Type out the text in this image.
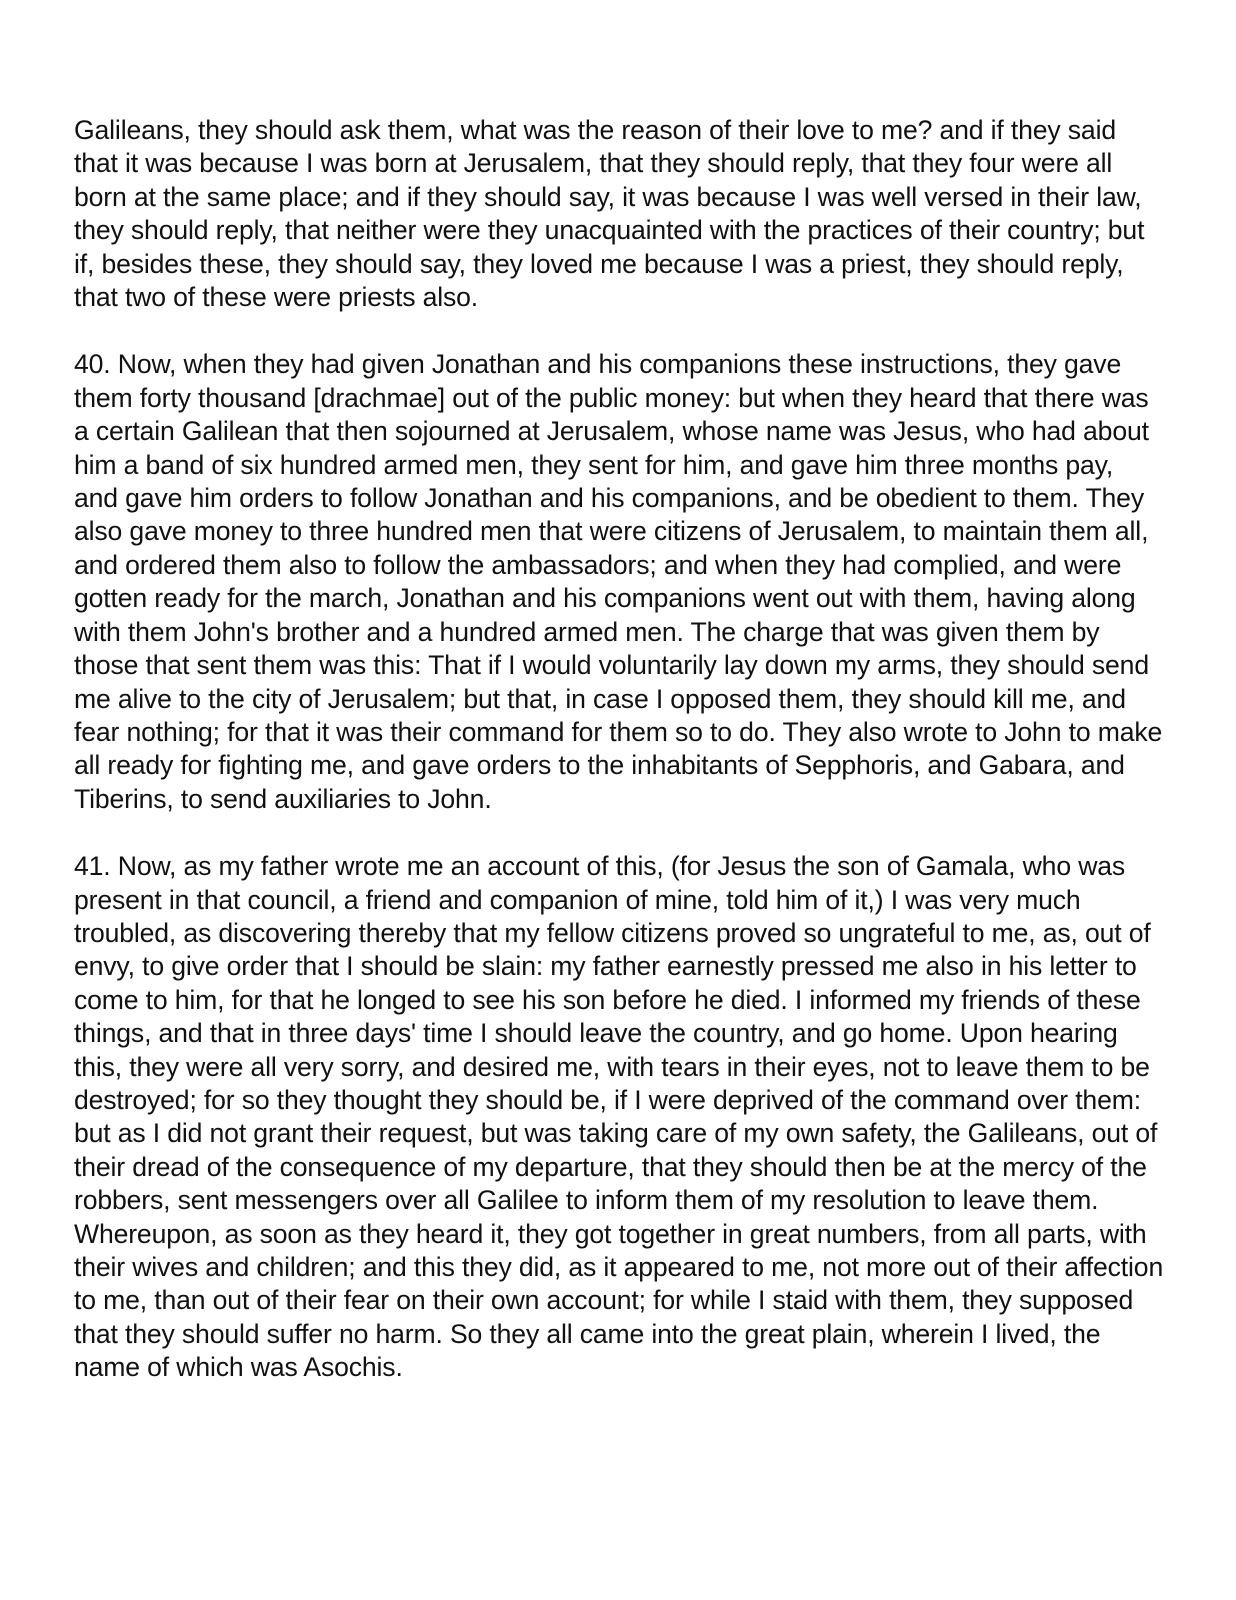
Galileans, they should ask them, what was the reason of their love to me? and if they said that it was because I was born at Jerusalem, that they should reply, that they four were all born at the same place; and if they should say, it was because I was well versed in their law, they should reply, that neither were they unacquainted with the practices of their country; but if, besides these, they should say, they loved me because I was a priest, they should reply, that two of these were priests also.

40. Now, when they had given Jonathan and his companions these instructions, they gave them forty thousand [drachmae] out of the public money: but when they heard that there was a certain Galilean that then sojourned at Jerusalem, whose name was Jesus, who had about him a band of six hundred armed men, they sent for him, and gave him three months pay, and gave him orders to follow Jonathan and his companions, and be obedient to them. They also gave money to three hundred men that were citizens of Jerusalem, to maintain them all, and ordered them also to follow the ambassadors; and when they had complied, and were gotten ready for the march, Jonathan and his companions went out with them, having along with them John's brother and a hundred armed men. The charge that was given them by those that sent them was this: That if I would voluntarily lay down my arms, they should send me alive to the city of Jerusalem; but that, in case I opposed them, they should kill me, and fear nothing; for that it was their command for them so to do. They also wrote to John to make all ready for fighting me, and gave orders to the inhabitants of Sepphoris, and Gabara, and Tiberins, to send auxiliaries to John.

41. Now, as my father wrote me an account of this, (for Jesus the son of Gamala, who was present in that council, a friend and companion of mine, told him of it,) I was very much troubled, as discovering thereby that my fellow citizens proved so ungrateful to me, as, out of envy, to give order that I should be slain: my father earnestly pressed me also in his letter to come to him, for that he longed to see his son before he died. I informed my friends of these things, and that in three days' time I should leave the country, and go home. Upon hearing this, they were all very sorry, and desired me, with tears in their eyes, not to leave them to be destroyed; for so they thought they should be, if I were deprived of the command over them: but as I did not grant their request, but was taking care of my own safety, the Galileans, out of their dread of the consequence of my departure, that they should then be at the mercy of the robbers, sent messengers over all Galilee to inform them of my resolution to leave them. Whereupon, as soon as they heard it, they got together in great numbers, from all parts, with their wives and children; and this they did, as it appeared to me, not more out of their affection to me, than out of their fear on their own account; for while I staid with them, they supposed that they should suffer no harm. So they all came into the great plain, wherein I lived, the name of which was Asochis.
